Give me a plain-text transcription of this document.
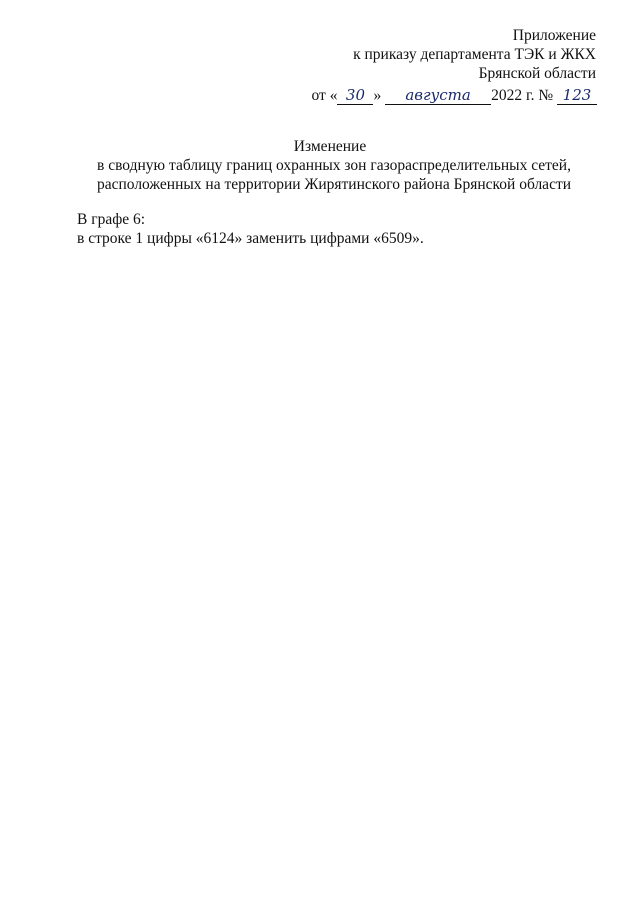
Приложение
к приказу департамента ТЭК и ЖКХ
Брянской области
от « 30 » августа 2022 г. № 123
Изменение
в сводную таблицу границ охранных зон газораспределительных сетей,
расположенных на территории Жирятинского района Брянской области
В графе 6:
в строке 1 цифры «6124» заменить цифрами «6509».
